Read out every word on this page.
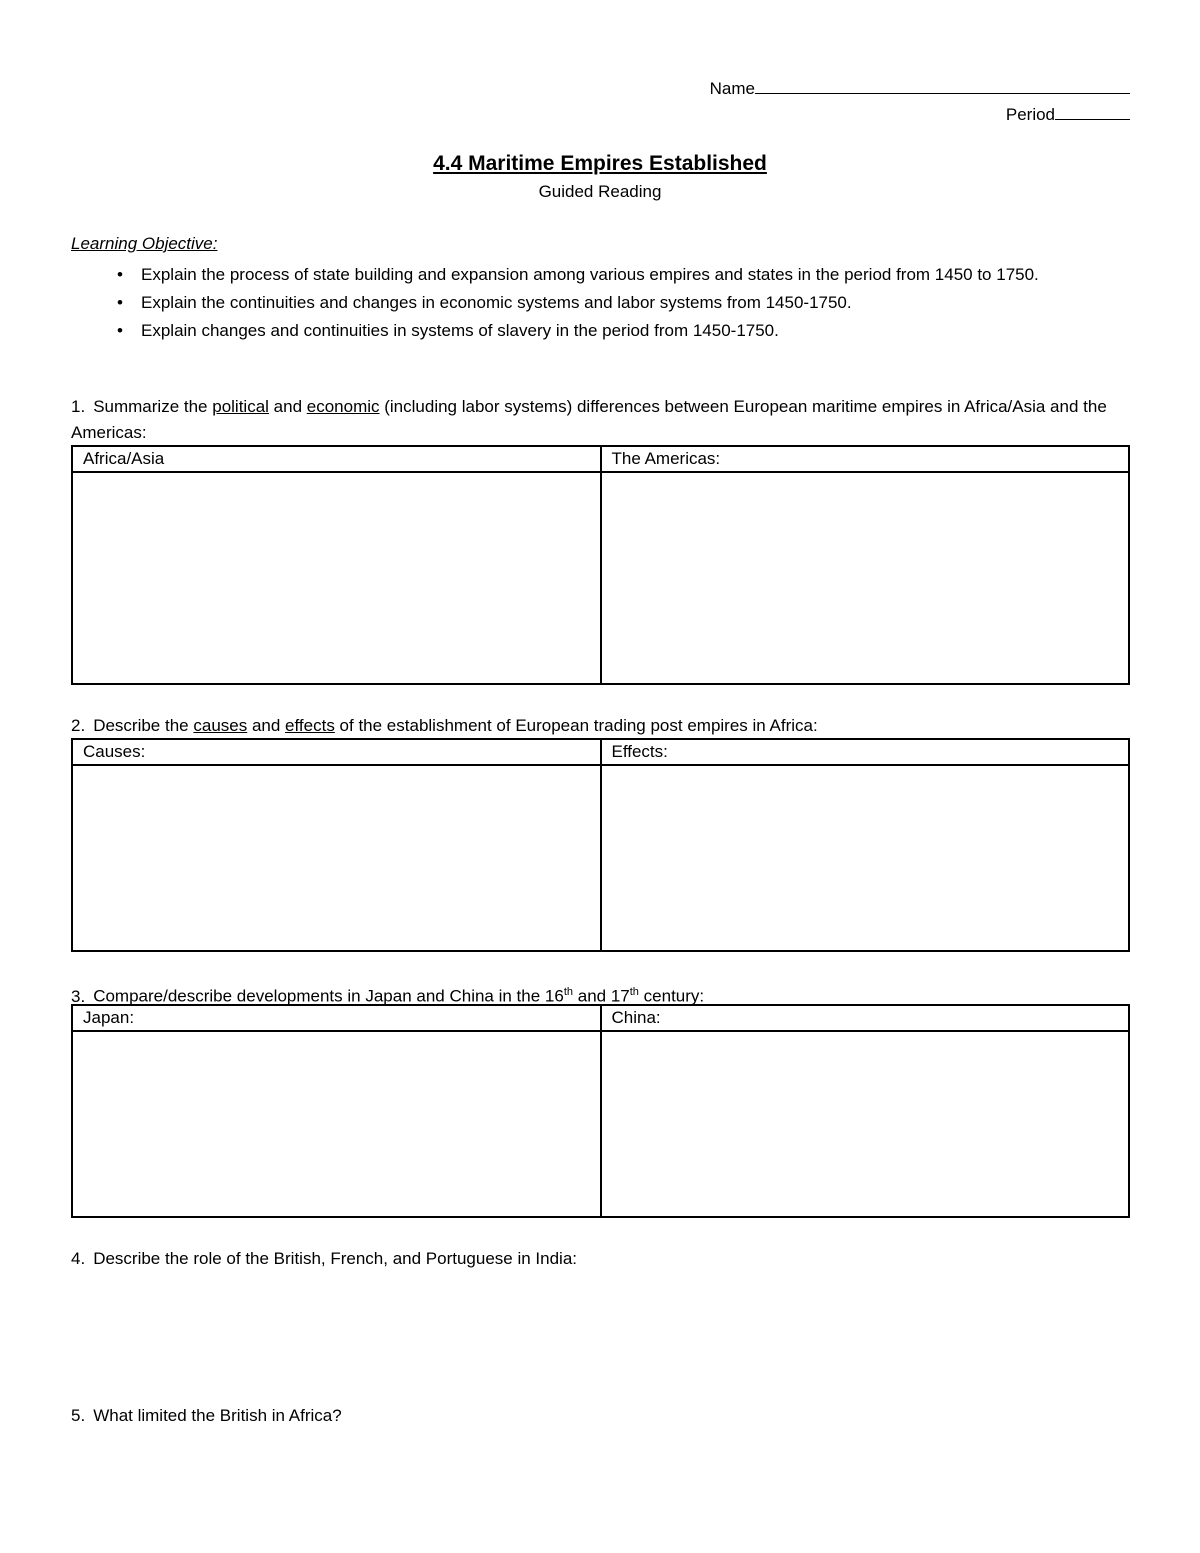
Name
Period
4.4 Maritime Empires Established
Guided Reading
Learning Objective:
• Explain the process of state building and expansion among various empires and states in the period from 1450 to 1750.
• Explain the continuities and changes in economic systems and labor systems from 1450-1750.
• Explain changes and continuities in systems of slavery in the period from 1450-1750.
1. Summarize the political and economic (including labor systems) differences between European maritime empires in Africa/Asia and the Americas:
Africa/Asia	The Americas:

2. Describe the causes and effects of the establishment of European trading post empires in Africa:
Causes:	Effects:

3. Compare/describe developments in Japan and China in the 16th and 17th century:
Japan:	China:

4. Describe the role of the British, French, and Portuguese in India:
5. What limited the British in Africa?
